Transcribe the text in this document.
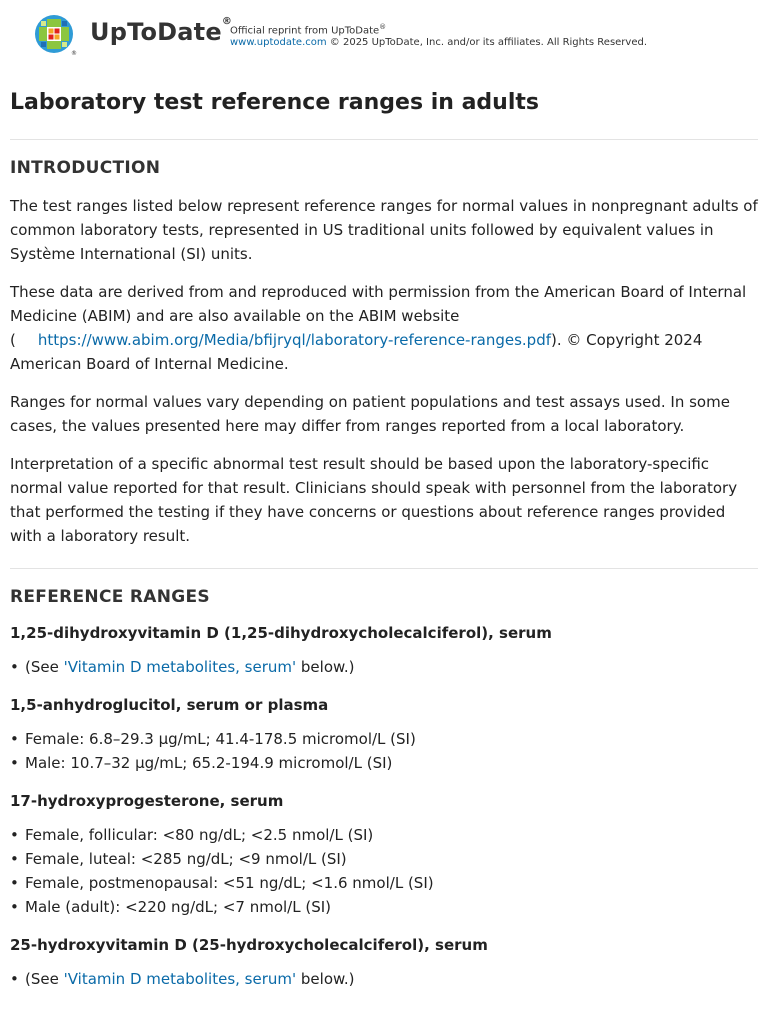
®
UpToDate®
Official reprint from UpToDate®
www.uptodate.com © 2025 UpToDate, Inc. and/or its affiliates. All Rights Reserved.
Laboratory test reference ranges in adults
INTRODUCTION

The test ranges listed below represent reference ranges for normal values in nonpregnant adults of common laboratory tests, represented in US traditional units followed by equivalent values in Système International (SI) units.

These data are derived from and reproduced with permission from the American Board of Internal Medicine (ABIM) and are also available on the ABIM website ( https://www.abim.org/Media/bfijryql/laboratory-reference-ranges.pdf). © Copyright 2024 American Board of Internal Medicine.

Ranges for normal values vary depending on patient populations and test assays used. In some cases, the values presented here may differ from ranges reported from a local laboratory.

Interpretation of a specific abnormal test result should be based upon the laboratory-specific normal value reported for that result. Clinicians should speak with personnel from the laboratory that performed the testing if they have concerns or questions about reference ranges provided with a laboratory result.

REFERENCE RANGES
1,25-dihydroxyvitamin D (1,25-dihydroxycholecalciferol), serum
• (See 'Vitamin D metabolites, serum' below.)
1,5-anhydroglucitol, serum or plasma
• Female: 6.8–29.3 µg/mL; 41.4-178.5 micromol/L (SI)
• Male: 10.7–32 µg/mL; 65.2-194.9 micromol/L (SI)
17-hydroxyprogesterone, serum
• Female, follicular: <80 ng/dL; <2.5 nmol/L (SI)
• Female, luteal: <285 ng/dL; <9 nmol/L (SI)
• Female, postmenopausal: <51 ng/dL; <1.6 nmol/L (SI)
• Male (adult): <220 ng/dL; <7 nmol/L (SI)
25-hydroxyvitamin D (25-hydroxycholecalciferol), serum
• (See 'Vitamin D metabolites, serum' below.)
